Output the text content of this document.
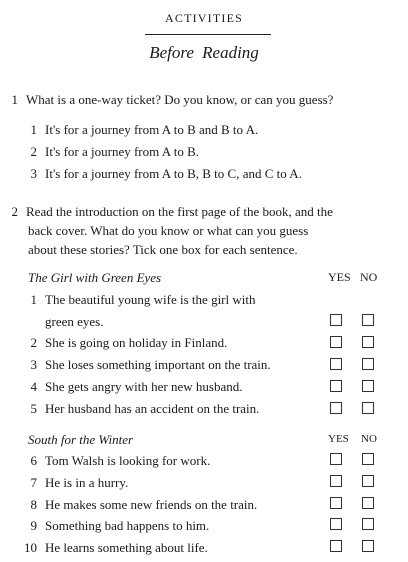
ACTIVITIES
Before Reading
1 What is a one-way ticket? Do you know, or can you guess?
1 It's for a journey from A to B and B to A.
2 It's for a journey from A to B.
3 It's for a journey from A to B, B to C, and C to A.
2 Read the introduction on the first page of the book, and the
back cover. What do you know or what can you guess
about these stories? Tick one box for each sentence.
The Girl with Green Eyes	YES NO
1 The beautiful young wife is the girl with
green eyes.
2 She is going on holiday in Finland.
3 She loses something important on the train.
4 She gets angry with her new husband.
5 Her husband has an accident on the train.
South for the Winter	YES NO
6 Tom Walsh is looking for work.
7 He is in a hurry.
8 He makes some new friends on the train.
9 Something bad happens to him.
10 He learns something about life.
